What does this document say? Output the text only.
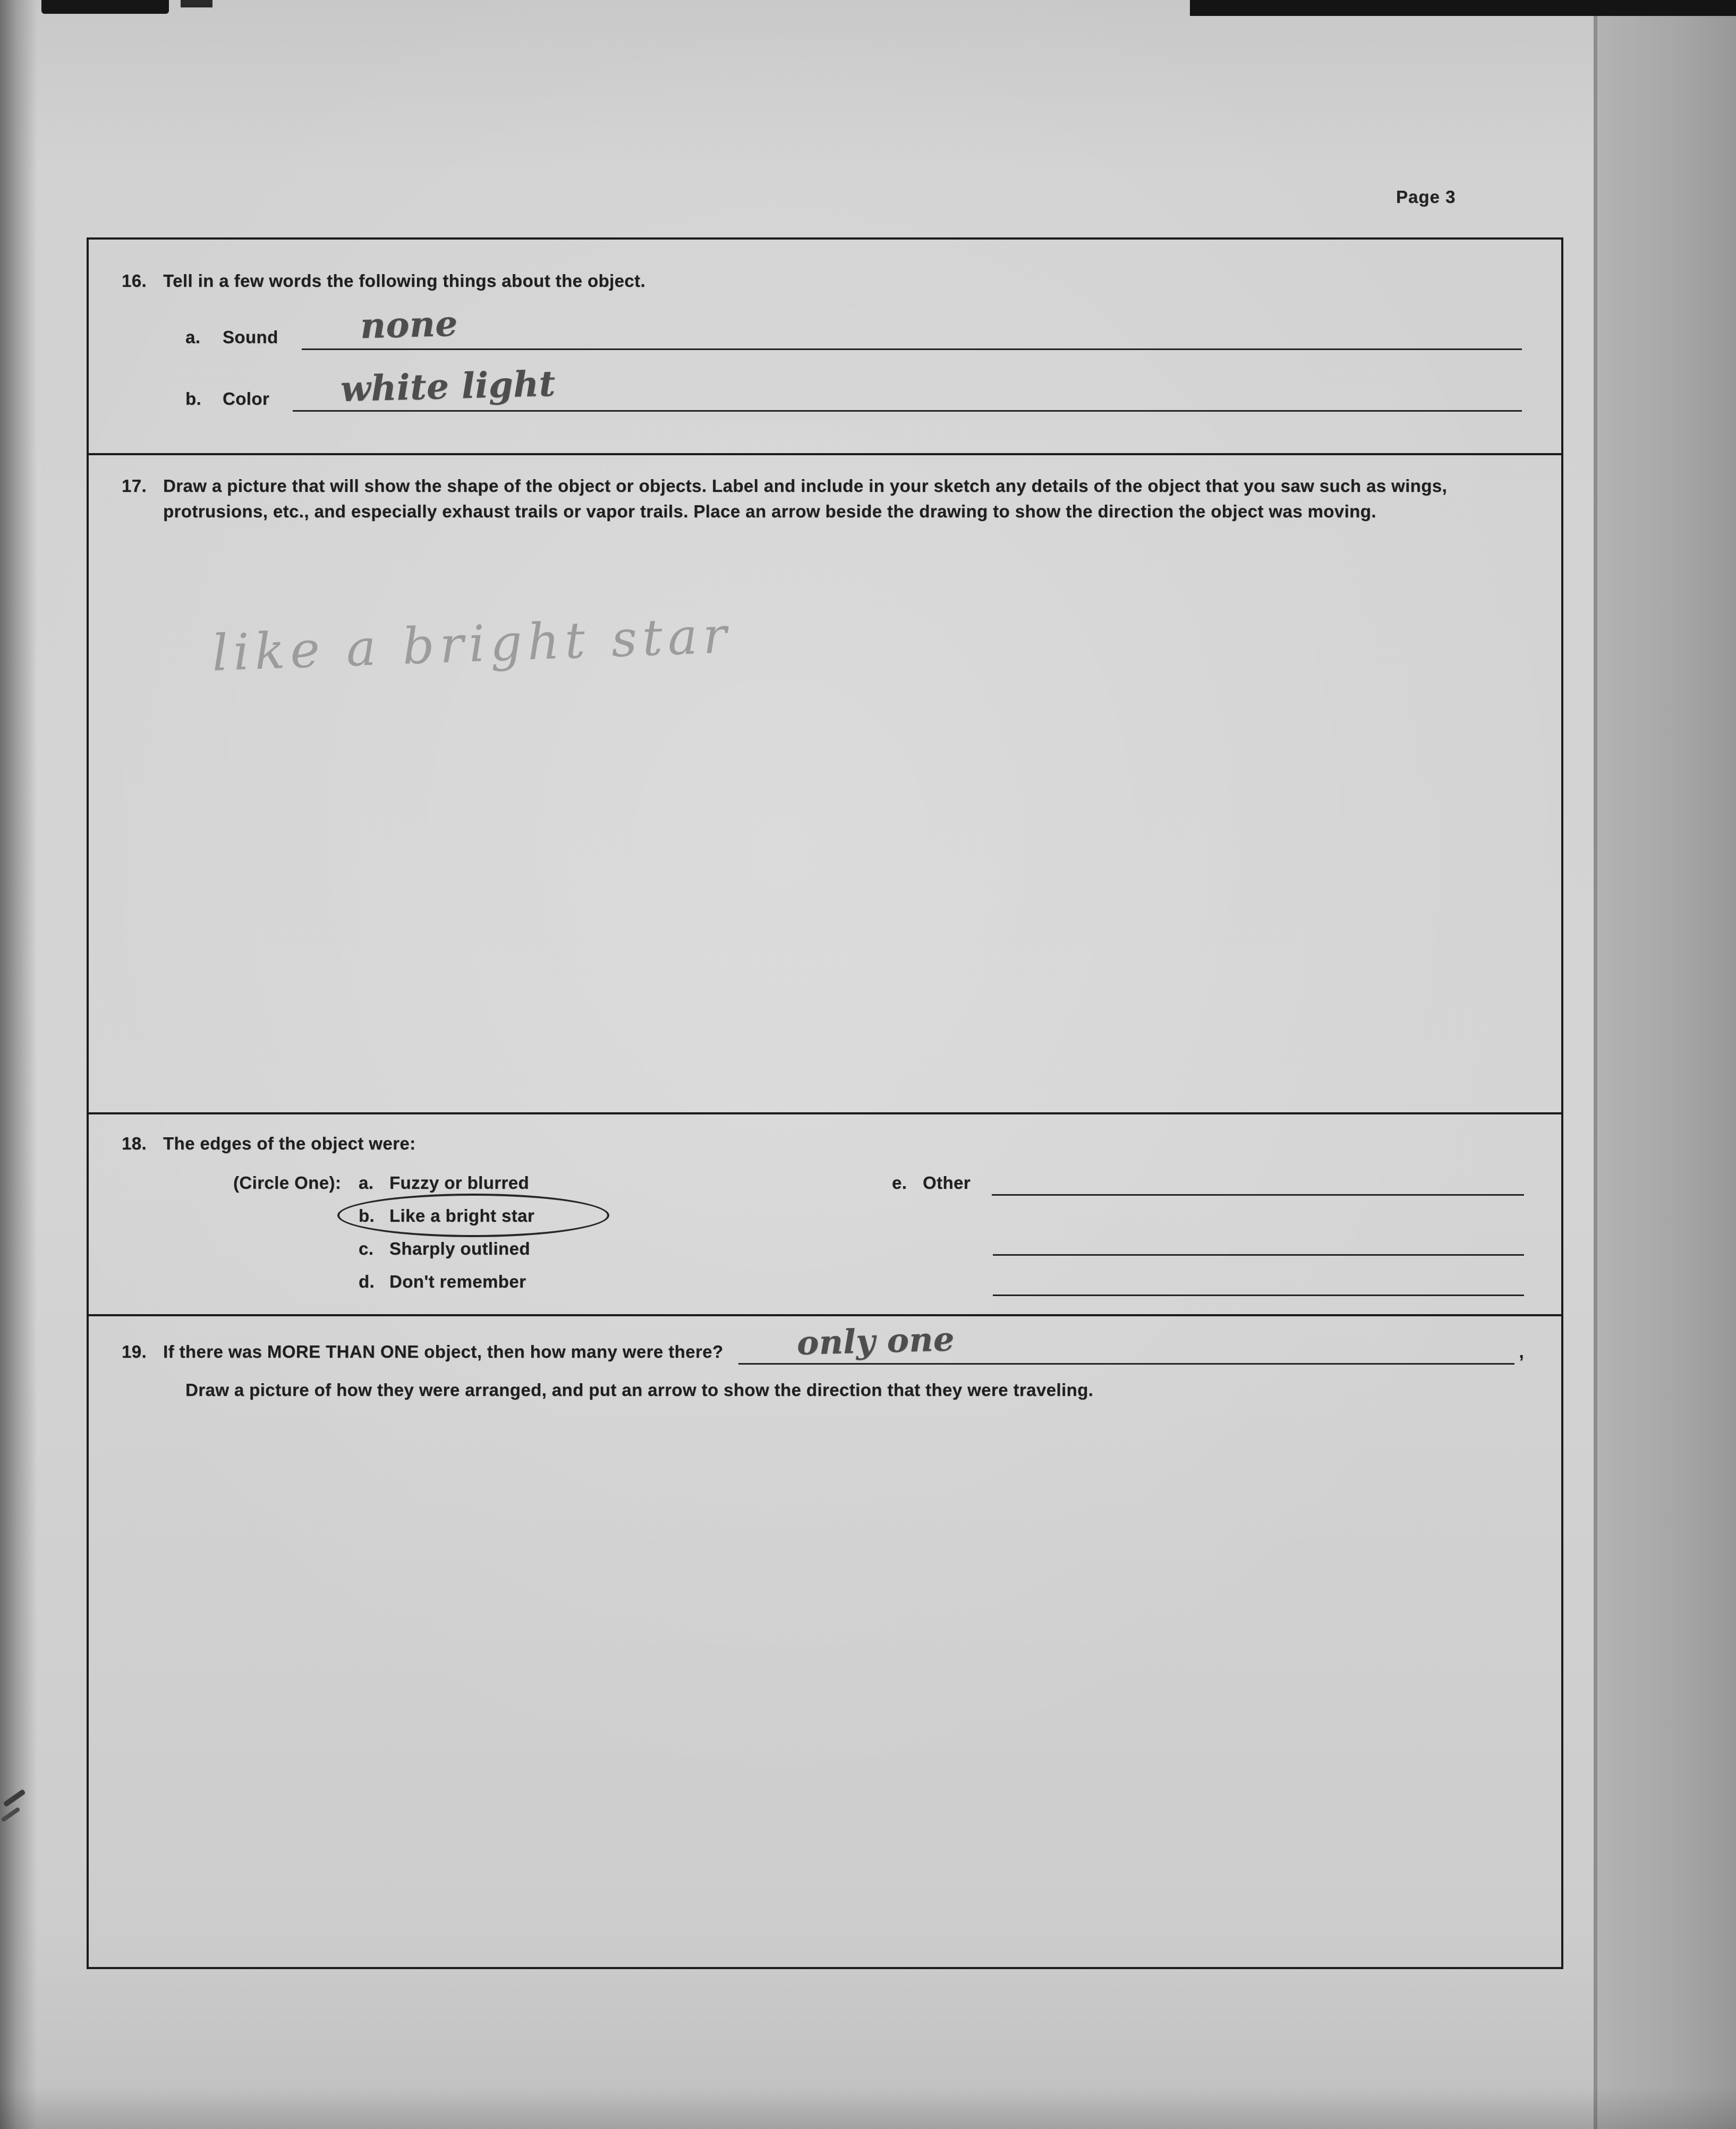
Page 3
16. Tell in a few words the following things about the object.
a.	Sound none
b.	Color white light
17. Draw a picture that will show the shape of the object or objects. Label and include in your sketch any details of the object that you saw such as wings, protrusions, etc., and especially exhaust trails or vapor trails. Place an arrow beside the drawing to show the direction the object was moving.
like a bright star
18. The edges of the object were:
(Circle One): a. Fuzzy or blurred
b. Like a bright star
c. Sharply outlined
d. Don't remember
e. Other
19. If there was MORE THAN ONE object, then how many were there? only one	,
Draw a picture of how they were arranged, and put an arrow to show the direction that they were traveling.
